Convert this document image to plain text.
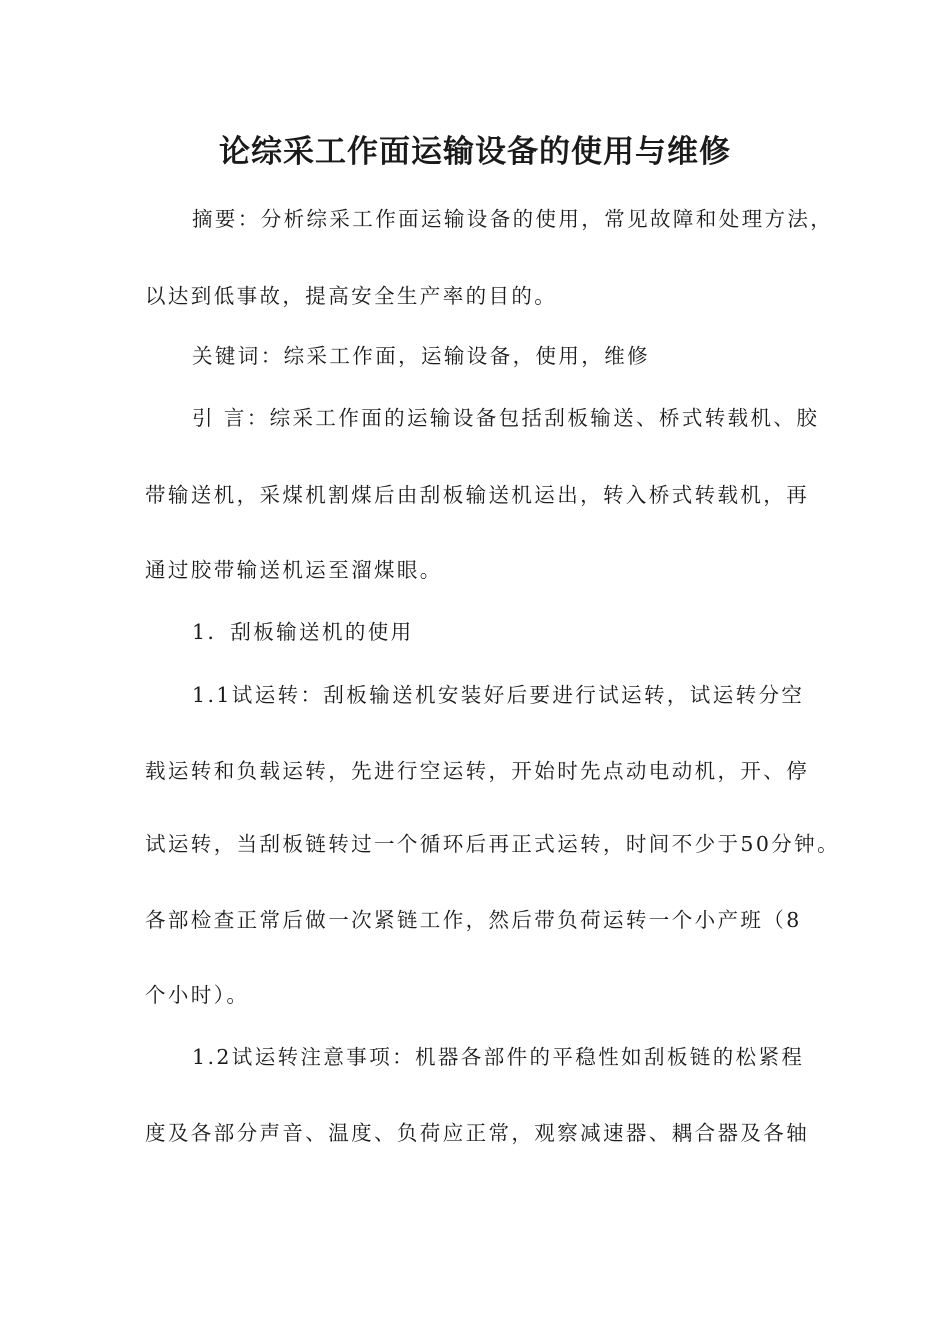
论综采工作面运输设备的使用与维修
摘要：分析综采工作面运输设备的使用，常见故障和处理方法，
以达到低事故，提高安全生产率的目的。
关键词：综采工作面，运输设备，使用，维修
引 言：综采工作面的运输设备包括刮板输送、桥式转载机、胶
带输送机，采煤机割煤后由刮板输送机运出，转入桥式转载机，再
通过胶带输送机运至溜煤眼。
1．刮板输送机的使用
1.1试运转：刮板输送机安装好后要进行试运转，试运转分空
载运转和负载运转，先进行空运转，开始时先点动电动机，开、停
试运转，当刮板链转过一个循环后再正式运转，时间不少于50分钟。
各部检查正常后做一次紧链工作，然后带负荷运转一个小产班（8
个小时）。
1.2试运转注意事项：机器各部件的平稳性如刮板链的松紧程
度及各部分声音、温度、负荷应正常，观察减速器、耦合器及各轴
